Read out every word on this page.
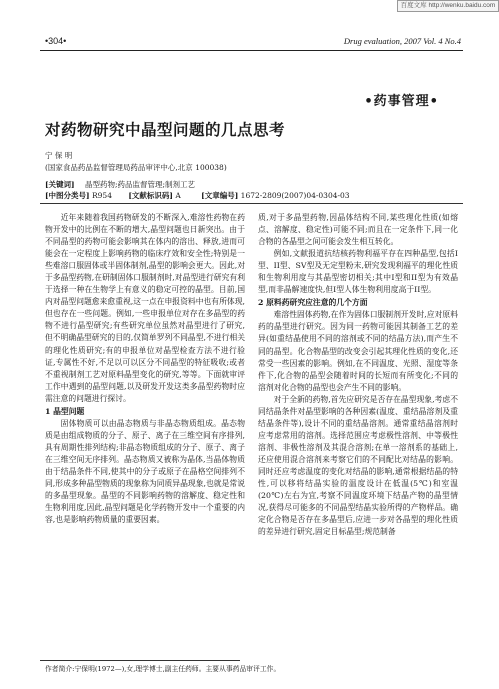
百度文库 http://wenku.baidu.com
•304•	Drug evaluation, 2007 Vol. 4 No.4
•药事管理•
对药物研究中晶型问题的几点思考
宁 保 明
(国家食品药品监督管理局药品审评中心,北京 100038)
[关键词] 晶型药物;药品监督管理;制剂工艺
[中图分类号] R954 [文献标识码] A	[文章编号] 1672-2809(2007)04-0304-03

近年来随着我国药物研发的不断深入,难溶性药物在药物开发中的比例在不断的增大,晶型问题也日新突出。由于不同晶型的药物可能会影响其在体内的溶出、释放,进而可能会在一定程度上影响药物的临床疗效和安全性;特别是一些难溶口服固体或半固体制剂,晶型的影响会更大。因此,对于多晶型药物,在研制固体口服制剂时,对晶型进行研究有利于选择一种在生物学上有意义的稳定可控的晶型。目前,国内对晶型问题愈来愈重视,这一点在申报资料中也有所体现,但也存在一些问题。例如,一些申报单位对存在多晶型的药物不进行晶型研究;有些研究单位虽然对晶型进行了研究,但不明确晶型研究的目的,仅简单罗列不同晶型,不进行相关的理化性质研究;有的申报单位对晶型检查方法不进行验证,专属性不好,不足以可以区分不同晶型的特征吸收;或者不重视制剂工艺对原料晶型变化的研究,等等。下面就审评工作中遇到的晶型问题,以及研发开发这类多晶型药物时应需注意的问题进行探讨。

1 晶型问题

固体物质可以由晶态物质与非晶态物质组成。晶态物质是由组成物质的分子、原子、离子在三维空间有序排列,具有周期性排列结构;非晶态物质组成的分子、原子、离子在三维空间无序排列。晶态物质又被称为晶体,当晶体物质由于结晶条件不同,使其中的分子或原子在晶格空间排列不同,形成多种晶型物质的现象称为同质异晶现象,也就是常说的多晶型现象。晶型的不同影响药物的溶解度、稳定性和生物利用度,因此,晶型问题是化学药物开发中一个重要的内容,也是影响药物质量的重要因素。

质,对于多晶型药物,因晶体结构不同,某些理化性质(如熔点、溶解度、稳定性)可能不同;而且在一定条件下,同一化合物的各晶型之间可能会发生相互转化。

例如,文献报道抗结核药物利福平存在四种晶型,包括I型、II型、SV型及无定型粉末,研究发现利福平的理化性质和生物利用度与其晶型密切相关;其中I型和II型为有效晶型,而非晶解速度快,但I型人体生物利用度高于II型。

2 原料药研究应注意的几个方面

难溶性固体药物,在作为固体口服制剂开发时,应对原料药的晶型进行研究。因为同一药物可能因其制备工艺的差异(如重结晶使用不同的溶剂或不同的结晶方法),而产生不同的晶型。化合物晶型的改变会引起其理化性质的变化,还常受一些因素的影响。例如,在不同温度、光照、湿度等条件下,化合物的晶型会随着时间的长短而有所变化;不同的溶剂对化合物的晶型也会产生不同的影响。

对于全新的药物,首先应研究是否存在晶型现象,考虑不同结晶条件对晶型影响的各种因素(温度、重结晶溶剂及重结晶条件等),设计不同的重结晶溶剂。通常重结晶溶剂时应考虑常用的溶剂。选择范围应考虑极性溶剂、中等极性溶剂、非极性溶剂及其混合溶剂;在单一溶剂系的基础上,还应使用混合溶剂来考察它们的不同配比对结晶的影响。同时还应考虑温度的变化对结晶的影响,通常根据结晶的特性,可以移将结晶实验的温度设计在低温(5℃)和室温(20℃)左右为宜,考察不同温度环境下结晶产物的晶型情况,获得尽可能多的不同晶型结晶实验所得的产物样品。确定化合物是否存在多晶型后,应进一步对各晶型的理化性质的差异进行研究,固定目标晶型;规范制备

作者简介:宁保明(1972—),女,理学博士,副主任药师。主要从事药品审评工作。
